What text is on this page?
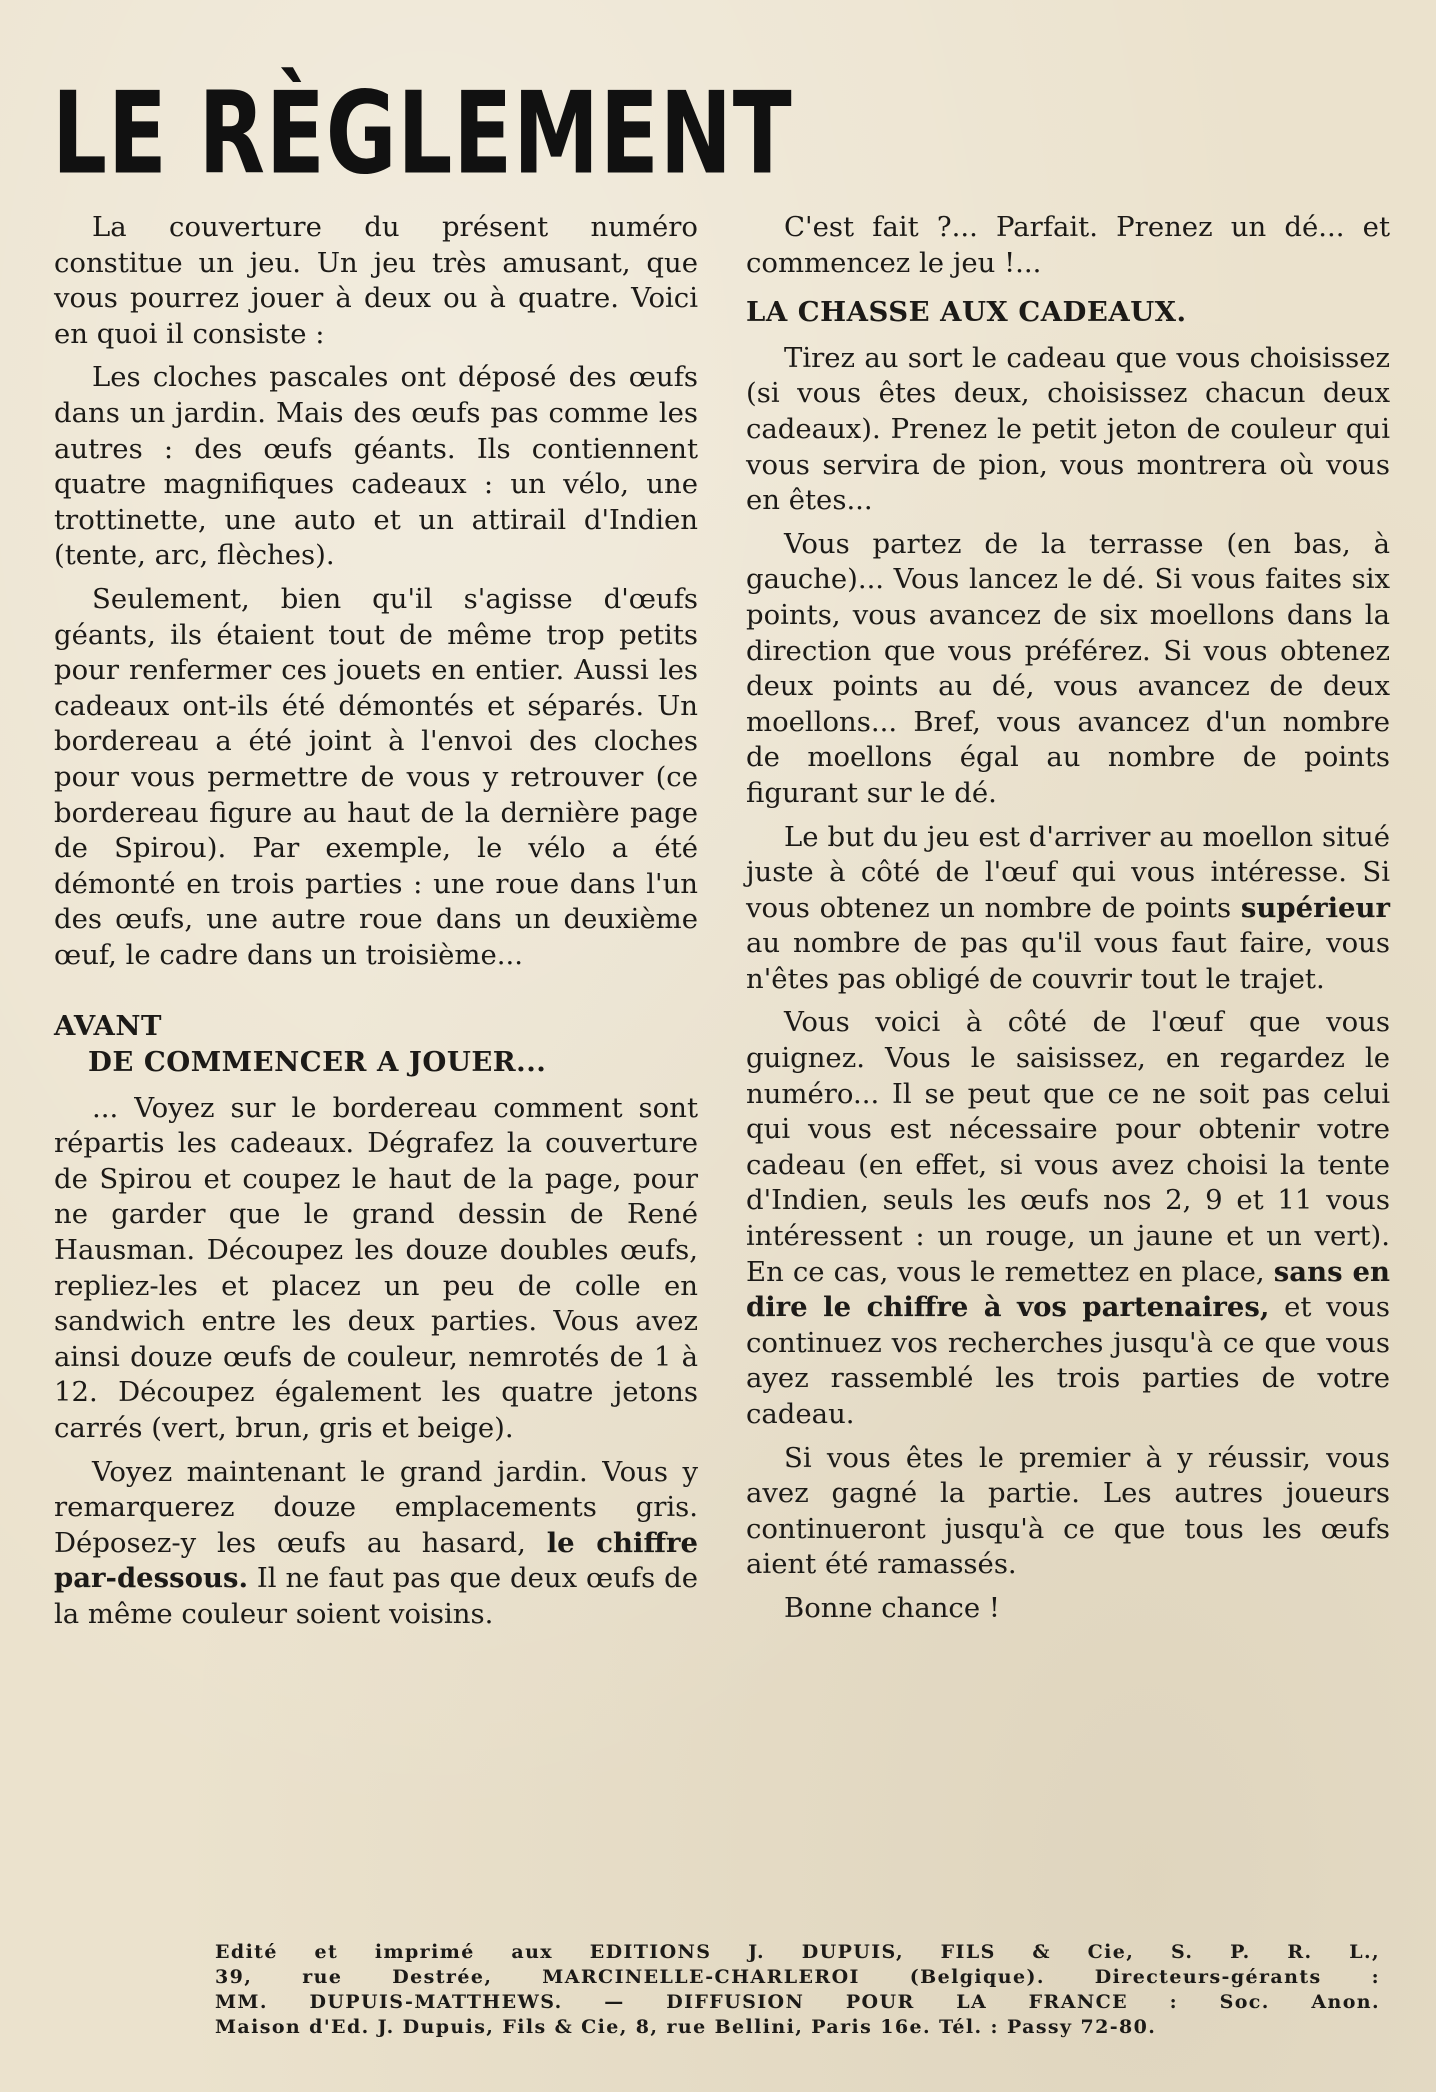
LE RÈGLEMENT

La couverture du présent numéro constitue un jeu. Un jeu très amusant, que vous pourrez jouer à deux ou à quatre. Voici en quoi il consiste :

Les cloches pascales ont déposé des œufs dans un jardin. Mais des œufs pas comme les autres : des œufs géants. Ils contiennent quatre magnifiques cadeaux : un vélo, une trottinette, une auto et un attirail d'Indien (tente, arc, flèches).

Seulement, bien qu'il s'agisse d'œufs géants, ils étaient tout de même trop petits pour renfermer ces jouets en entier. Aussi les cadeaux ont-ils été démontés et séparés. Un bordereau a été joint à l'envoi des cloches pour vous permettre de vous y retrouver (ce bordereau figure au haut de la dernière page de Spirou). Par exemple, le vélo a été démonté en trois parties : une roue dans l'un des œufs, une autre roue dans un deuxième œuf, le cadre dans un troisième...

AVANT
DE COMMENCER A JOUER...

... Voyez sur le bordereau comment sont répartis les cadeaux. Dégrafez la couverture de Spirou et coupez le haut de la page, pour ne garder que le grand dessin de René Hausman. Découpez les douze doubles œufs, repliez-les et placez un peu de colle en sandwich entre les deux parties. Vous avez ainsi douze œufs de couleur, nemrotés de 1 à 12. Découpez également les quatre jetons carrés (vert, brun, gris et beige).

Voyez maintenant le grand jardin. Vous y remarquerez douze emplacements gris. Déposez-y les œufs au hasard, le chiffre par-dessous. Il ne faut pas que deux œufs de la même couleur soient voisins.

C'est fait ?... Parfait. Prenez un dé... et commencez le jeu !...

LA CHASSE AUX CADEAUX.

Tirez au sort le cadeau que vous choisissez (si vous êtes deux, choisissez chacun deux cadeaux). Prenez le petit jeton de couleur qui vous servira de pion, vous montrera où vous en êtes...

Vous partez de la terrasse (en bas, à gauche)... Vous lancez le dé. Si vous faites six points, vous avancez de six moellons dans la direction que vous préférez. Si vous obtenez deux points au dé, vous avancez de deux moellons... Bref, vous avancez d'un nombre de moellons égal au nombre de points figurant sur le dé.

Le but du jeu est d'arriver au moellon situé juste à côté de l'œuf qui vous intéresse. Si vous obtenez un nombre de points supérieur au nombre de pas qu'il vous faut faire, vous n'êtes pas obligé de couvrir tout le trajet.

Vous voici à côté de l'œuf que vous guignez. Vous le saisissez, en regardez le numéro... Il se peut que ce ne soit pas celui qui vous est nécessaire pour obtenir votre cadeau (en effet, si vous avez choisi la tente d'Indien, seuls les œufs nos 2, 9 et 11 vous intéressent : un rouge, un jaune et un vert). En ce cas, vous le remettez en place, sans en dire le chiffre à vos partenaires, et vous continuez vos recherches jusqu'à ce que vous ayez rassemblé les trois parties de votre cadeau.

Si vous êtes le premier à y réussir, vous avez gagné la partie. Les autres joueurs continueront jusqu'à ce que tous les œufs aient été ramassés.

Bonne chance !

Edité et imprimé aux EDITIONS J. DUPUIS, FILS & Cie, S. P. R. L.,
39, rue Destrée, MARCINELLE-CHARLEROI (Belgique). Directeurs-gérants :
MM. DUPUIS-MATTHEWS. — DIFFUSION POUR LA FRANCE : Soc. Anon.
Maison d'Ed. J. Dupuis, Fils & Cie, 8, rue Bellini, Paris 16e. Tél. : Passy 72-80.
